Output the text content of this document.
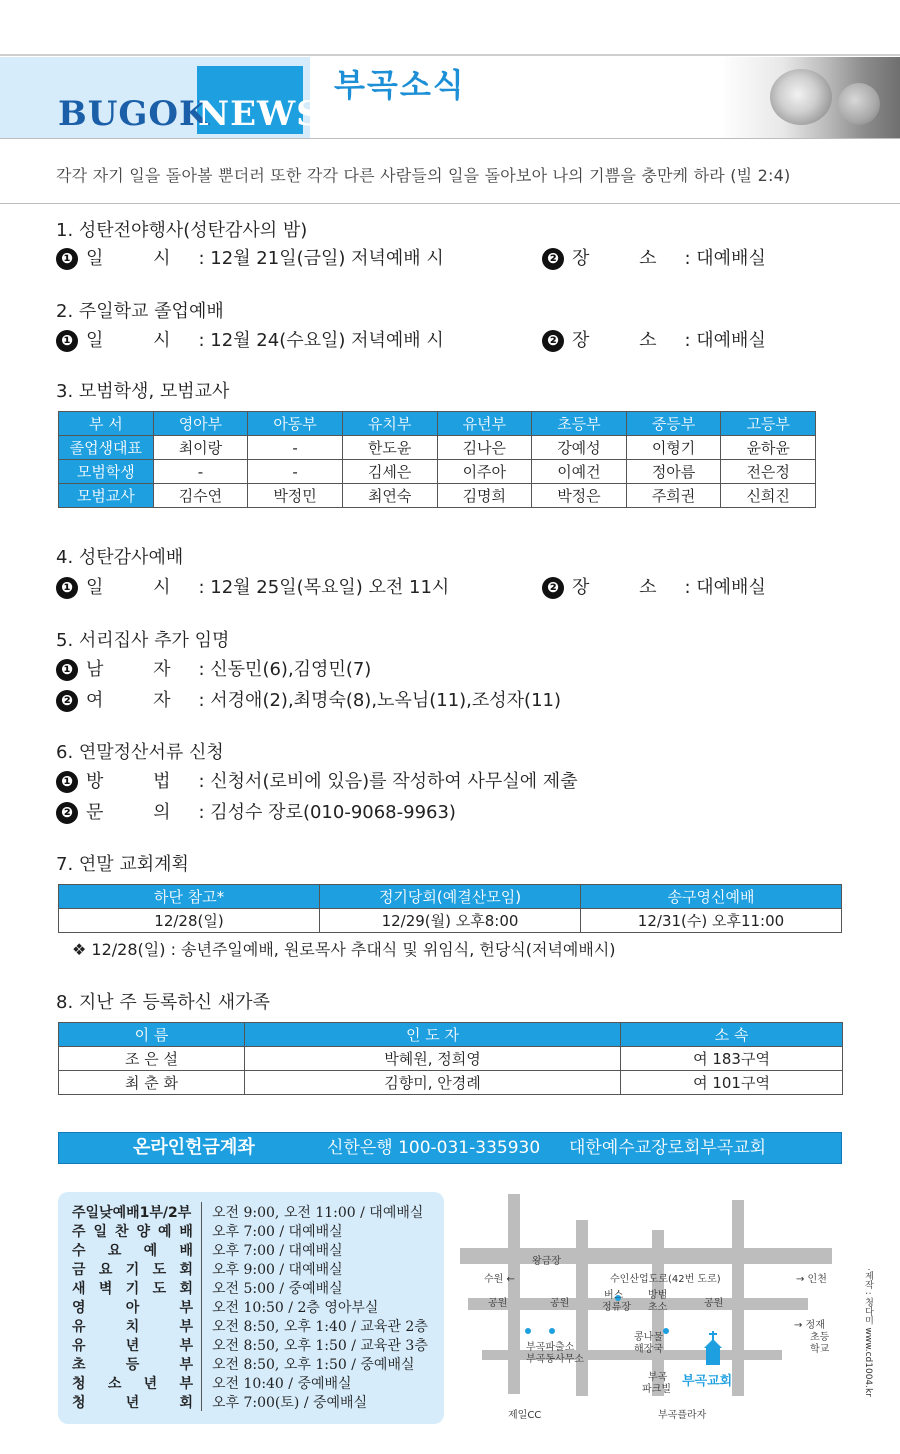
BUGOK
NEWS
부곡소식
각각 자기 일을 돌아볼 뿐더러 또한 각각 다른 사람들의 일을 돌아보아 나의 기쁨을 충만케 하라 (빌 2:4)
1. 성탄전야행사(성탄감사의 밤)
❶ 일 시 : 12월 21일(금일) 저녁예배 시	❷ 장 소 : 대예배실
2. 주일학교 졸업예배
❶ 일 시 : 12월 24(수요일) 저녁예배 시	❷ 장 소 : 대예배실
3. 모범학생, 모범교사
부 서	영아부	아동부	유치부	유년부	초등부	중등부	고등부
졸업생대표	최이랑	-	한도윤	김나은	강예성	이형기	윤하윤
모범학생	-	-	김세은	이주아	이예건	정아름	전은정
모범교사	김수연	박정민	최연숙	김명희	박정은	주희권	신희진
4. 성탄감사예배
❶ 일 시 : 12월 25일(목요일) 오전 11시	❷ 장 소 : 대예배실
5. 서리집사 추가 임명
❶ 남 자 : 신동민(6),김영민(7)
❷ 여 자 : 서경애(2),최명숙(8),노옥님(11),조성자(11)
6. 연말정산서류 신청
❶ 방 법 : 신청서(로비에 있음)를 작성하여 사무실에 제출
❷ 문 의 : 김성수 장로(010-9068-9963)
7. 연말 교회계획
하단 참고*	정기당회(예결산모임)	송구영신예배
12/28(일)	12/29(월) 오후8:00	12/31(수) 오후11:00
❖ 12/28(일) : 송년주일예배, 원로목사 추대식 및 위임식, 헌당식(저녁예배시)
8. 지난 주 등록하신 새가족
이 름	인 도 자	소 속
조 은 설	박혜원, 정희영	여 183구역
최 춘 화	김향미, 안경례	여 101구역
온라인헌금계좌	신한은행 100-031-335930 대한예수교장로회부곡교회
주일낮예배1부/2부	오전 9:00, 오전 11:00 / 대예배실
주 일 찬 양 예 배	오후 7:00 / 대예배실
수 요 예 배	오후 7:00 / 대예배실
금 요 기 도 회	오후 9:00 / 대예배실
새 벽 기 도 회	오전 5:00 / 중예배실
영	아	부	오전 10:50 / 2층 영아부실
유	치	부	오전 8:50, 오후 1:40 / 교육관 2층
유	년	부	오전 8:50, 오후 1:50 / 교육관 3층
초	등	부	오전 8:50, 오후 1:50 / 중예배실
청 소 년 부	오전 10:40 / 중예배실
청	년	회	오후 7:00(토) / 중예배실
왕금장
수원 ←	수인산업도로(42번 도로)	→ 인천
공원	공원	공원
버스
정류장
방범
초소
→ 정재
초등
학교
부곡파출소
부곡동사무소
콩나물
해장국
부곡
파크빌
부곡교회
제일CC	부곡플라자
·제작 : 청다미 www.cd1004.kr
